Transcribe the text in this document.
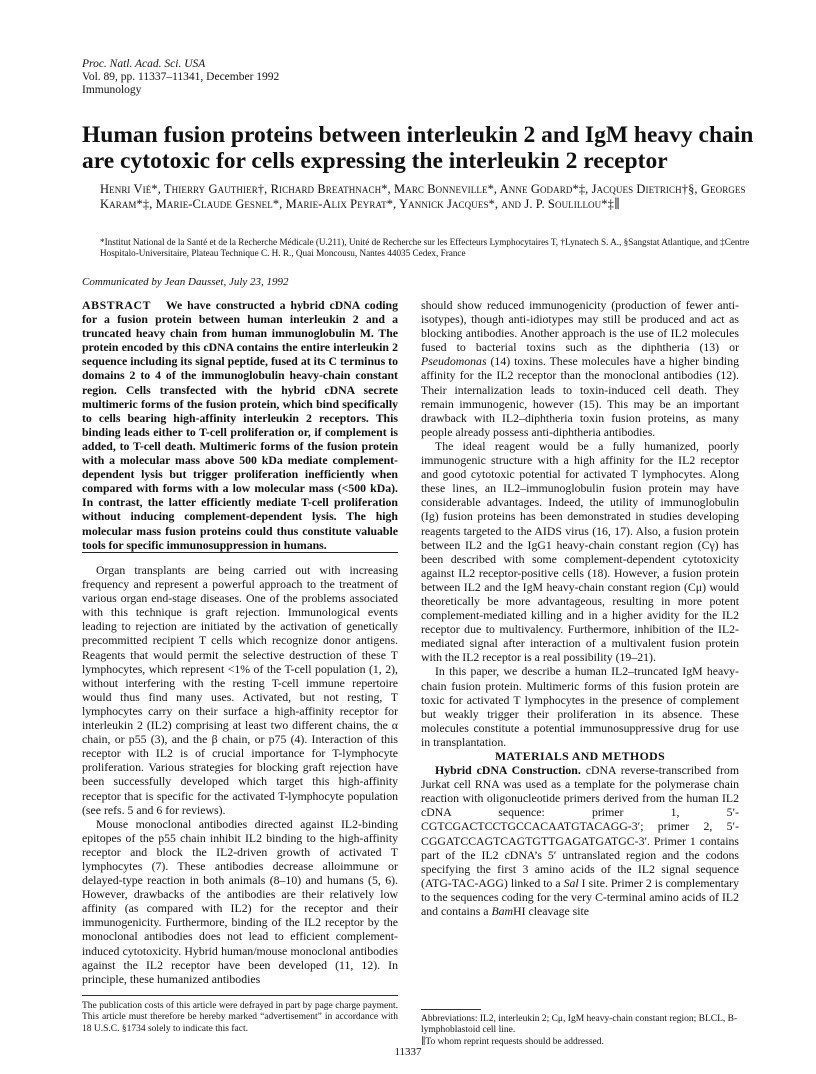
Proc. Natl. Acad. Sci. USA
Vol. 89, pp. 11337–11341, December 1992
Immunology
Human fusion proteins between interleukin 2 and IgM heavy chain are cytotoxic for cells expressing the interleukin 2 receptor
Henri Vié*, Thierry Gauthier†, Richard Breathnach*, Marc Bonneville*, Anne Godard*‡, Jacques Dietrich†§, Georges Karam*‡, Marie-Claude Gesnel*, Marie-Alix Peyrat*, Yannick Jacques*, and J. P. Soulillou*‡∥
*Institut National de la Santé et de la Recherche Médicale (U.211), Unité de Recherche sur les Effecteurs Lymphocytaires T, †Lynatech S. A., §Sangstat Atlantique, and ‡Centre Hospitalo-Universitaire, Plateau Technique C. H. R., Quai Moncousu, Nantes 44035 Cedex, France
Communicated by Jean Dausset, July 23, 1992
ABSTRACT We have constructed a hybrid cDNA coding for a fusion protein between human interleukin 2 and a truncated heavy chain from human immunoglobulin M. The protein encoded by this cDNA contains the entire interleukin 2 sequence including its signal peptide, fused at its C terminus to domains 2 to 4 of the immunoglobulin heavy-chain constant region. Cells transfected with the hybrid cDNA secrete multimeric forms of the fusion protein, which bind specifically to cells bearing high-affinity interleukin 2 receptors. This binding leads either to T-cell proliferation or, if complement is added, to T-cell death. Multimeric forms of the fusion protein with a molecular mass above 500 kDa mediate complement-dependent lysis but trigger proliferation inefficiently when compared with forms with a low molecular mass (<500 kDa). In contrast, the latter efficiently mediate T-cell proliferation without inducing complement-dependent lysis. The high molecular mass fusion proteins could thus constitute valuable tools for specific immunosuppression in humans.

Organ transplants are being carried out with increasing frequency and represent a powerful approach to the treatment of various organ end-stage diseases. One of the problems associated with this technique is graft rejection. Immunological events leading to rejection are initiated by the activation of genetically precommitted recipient T cells which recognize donor antigens. Reagents that would permit the selective destruction of these T lymphocytes, which represent <1% of the T-cell population (1, 2), without interfering with the resting T-cell immune repertoire would thus find many uses. Activated, but not resting, T lymphocytes carry on their surface a high-affinity receptor for interleukin 2 (IL2) comprising at least two different chains, the α chain, or p55 (3), and the β chain, or p75 (4). Interaction of this receptor with IL2 is of crucial importance for T-lymphocyte proliferation. Various strategies for blocking graft rejection have been successfully developed which target this high-affinity receptor that is specific for the activated T-lymphocyte population (see refs. 5 and 6 for reviews).

Mouse monoclonal antibodies directed against IL2-binding epitopes of the p55 chain inhibit IL2 binding to the high-affinity receptor and block the IL2-driven growth of activated T lymphocytes (7). These antibodies decrease alloimmune or delayed-type reaction in both animals (8–10) and humans (5, 6). However, drawbacks of the antibodies are their relatively low affinity (as compared with IL2) for the receptor and their immunogenicity. Furthermore, binding of the IL2 receptor by the monoclonal antibodies does not lead to efficient complement-induced cytotoxicity. Hybrid human/mouse monoclonal antibodies against the IL2 receptor have been developed (11, 12). In principle, these humanized antibodies

should show reduced immunogenicity (production of fewer anti-isotypes), though anti-idiotypes may still be produced and act as blocking antibodies. Another approach is the use of IL2 molecules fused to bacterial toxins such as the diphtheria (13) or Pseudomonas (14) toxins. These molecules have a higher binding affinity for the IL2 receptor than the monoclonal antibodies (12). Their internalization leads to toxin-induced cell death. They remain immunogenic, however (15). This may be an important drawback with IL2–diphtheria toxin fusion proteins, as many people already possess anti-diphtheria antibodies.

The ideal reagent would be a fully humanized, poorly immunogenic structure with a high affinity for the IL2 receptor and good cytotoxic potential for activated T lymphocytes. Along these lines, an IL2–immunoglobulin fusion protein may have considerable advantages. Indeed, the utility of immunoglobulin (Ig) fusion proteins has been demonstrated in studies developing reagents targeted to the AIDS virus (16, 17). Also, a fusion protein between IL2 and the IgG1 heavy-chain constant region (Cγ) has been described with some complement-dependent cytotoxicity against IL2 receptor-positive cells (18). However, a fusion protein between IL2 and the IgM heavy-chain constant region (Cμ) would theoretically be more advantageous, resulting in more potent complement-mediated killing and in a higher avidity for the IL2 receptor due to multivalency. Furthermore, inhibition of the IL2-mediated signal after interaction of a multivalent fusion protein with the IL2 receptor is a real possibility (19–21).

In this paper, we describe a human IL2–truncated IgM heavy-chain fusion protein. Multimeric forms of this fusion protein are toxic for activated T lymphocytes in the presence of complement but weakly trigger their proliferation in its absence. These molecules constitute a potential immunosuppressive drug for use in transplantation.

MATERIALS AND METHODS

Hybrid cDNA Construction. cDNA reverse-transcribed from Jurkat cell RNA was used as a template for the polymerase chain reaction with oligonucleotide primers derived from the human IL2 cDNA sequence: primer 1, 5′-CGTCGACTCCTGCCACAATGTACAGG-3′; primer 2, 5′-CGGATCCAGTCAGTGTTGAGATGATGC-3′. Primer 1 contains part of the IL2 cDNA’s 5′ untranslated region and the codons specifying the first 3 amino acids of the IL2 signal sequence (ATG-TAC-AGG) linked to a Sal I site. Primer 2 is complementary to the sequences coding for the very C-terminal amino acids of IL2 and contains a BamHI cleavage site

The publication costs of this article were defrayed in part by page charge payment. This article must therefore be hereby marked “advertisement” in accordance with 18 U.S.C. §1734 solely to indicate this fact.
Abbreviations: IL2, interleukin 2; Cμ, IgM heavy-chain constant region; BLCL, B-lymphoblastoid cell line.
∥To whom reprint requests should be addressed.
11337
